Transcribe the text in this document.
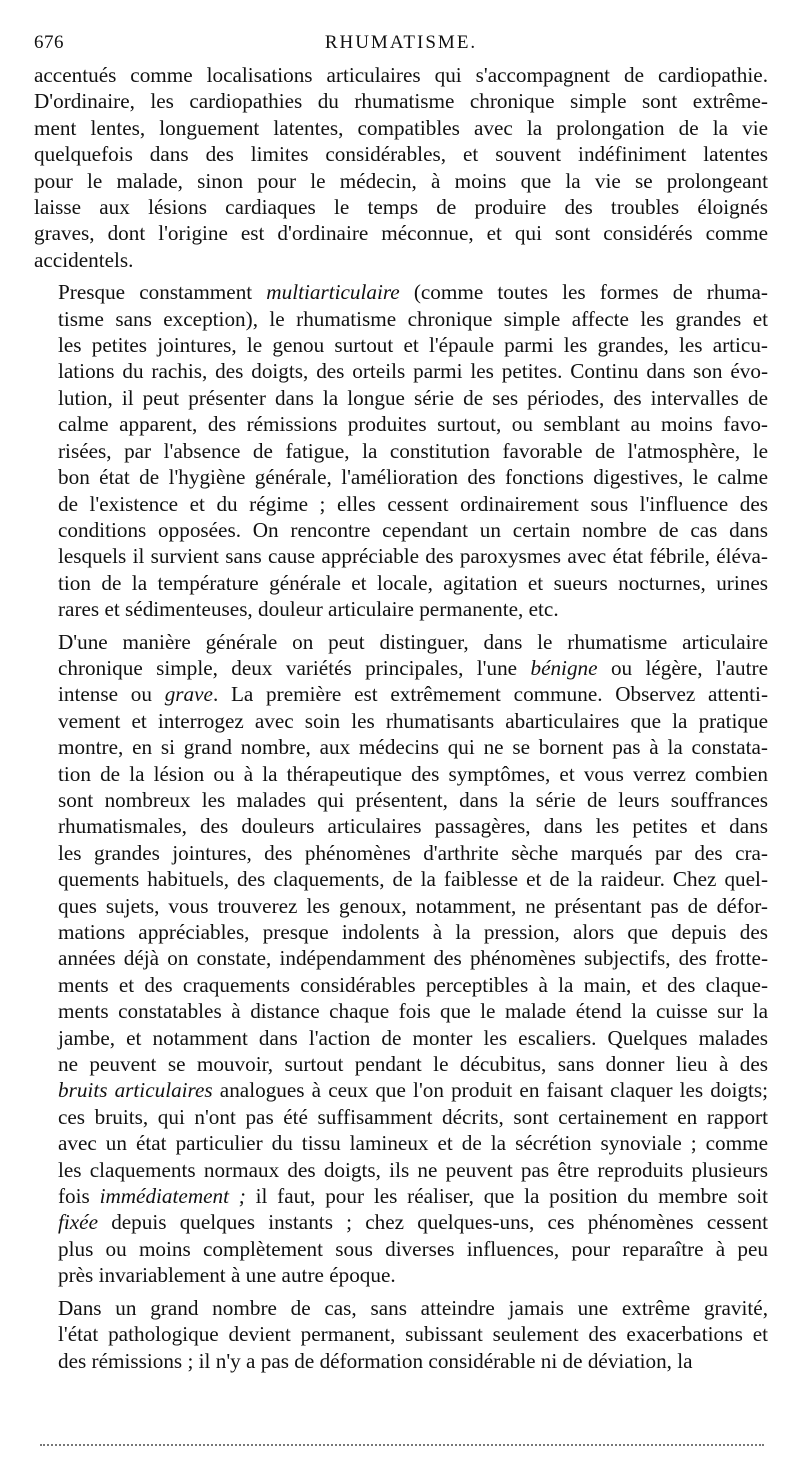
676	RHUMATISME.
accentués comme localisations articulaires qui s'accompagnent de cardiopathie.
D'ordinaire, les cardiopathies du rhumatisme chronique simple sont extrême-
ment lentes, longuement latentes, compatibles avec la prolongation de la vie
quelquefois dans des limites considérables, et souvent indéfiniment latentes
pour le malade, sinon pour le médecin, à moins que la vie se prolongeant
laisse aux lésions cardiaques le temps de produire des troubles éloignés
graves, dont l'origine est d'ordinaire méconnue, et qui sont considérés comme
accidentels.
Presque constamment multiarticulaire (comme toutes les formes de rhuma-
tisme sans exception), le rhumatisme chronique simple affecte les grandes et
les petites jointures, le genou surtout et l'épaule parmi les grandes, les articu-
lations du rachis, des doigts, des orteils parmi les petites. Continu dans son évo-
lution, il peut présenter dans la longue série de ses périodes, des intervalles de
calme apparent, des rémissions produites surtout, ou semblant au moins favo-
risées, par l'absence de fatigue, la constitution favorable de l'atmosphère, le
bon état de l'hygiène générale, l'amélioration des fonctions digestives, le calme
de l'existence et du régime ; elles cessent ordinairement sous l'influence des
conditions opposées. On rencontre cependant un certain nombre de cas dans
lesquels il survient sans cause appréciable des paroxysmes avec état fébrile, éléva-
tion de la température générale et locale, agitation et sueurs nocturnes, urines
rares et sédimenteuses, douleur articulaire permanente, etc.
D'une manière générale on peut distinguer, dans le rhumatisme articulaire
chronique simple, deux variétés principales, l'une bénigne ou légère, l'autre
intense ou grave. La première est extrêmement commune. Observez attenti-
vement et interrogez avec soin les rhumatisants abarticulaires que la pratique
montre, en si grand nombre, aux médecins qui ne se bornent pas à la constata-
tion de la lésion ou à la thérapeutique des symptômes, et vous verrez combien
sont nombreux les malades qui présentent, dans la série de leurs souffrances
rhumatismales, des douleurs articulaires passagères, dans les petites et dans
les grandes jointures, des phénomènes d'arthrite sèche marqués par des cra-
quements habituels, des claquements, de la faiblesse et de la raideur. Chez quel-
ques sujets, vous trouverez les genoux, notamment, ne présentant pas de défor-
mations appréciables, presque indolents à la pression, alors que depuis des
années déjà on constate, indépendamment des phénomènes subjectifs, des frotte-
ments et des craquements considérables perceptibles à la main, et des claque-
ments constatables à distance chaque fois que le malade étend la cuisse sur la
jambe, et notamment dans l'action de monter les escaliers. Quelques malades
ne peuvent se mouvoir, surtout pendant le décubitus, sans donner lieu à des
bruits articulaires analogues à ceux que l'on produit en faisant claquer les doigts;
ces bruits, qui n'ont pas été suffisamment décrits, sont certainement en rapport
avec un état particulier du tissu lamineux et de la sécrétion synoviale ; comme
les claquements normaux des doigts, ils ne peuvent pas être reproduits plusieurs
fois immédiatement ; il faut, pour les réaliser, que la position du membre soit
fixée depuis quelques instants ; chez quelques-uns, ces phénomènes cessent
plus ou moins complètement sous diverses influences, pour reparaître à peu
près invariablement à une autre époque.
Dans un grand nombre de cas, sans atteindre jamais une extrême gravité,
l'état pathologique devient permanent, subissant seulement des exacerbations et
des rémissions ; il n'y a pas de déformation considérable ni de déviation, la
